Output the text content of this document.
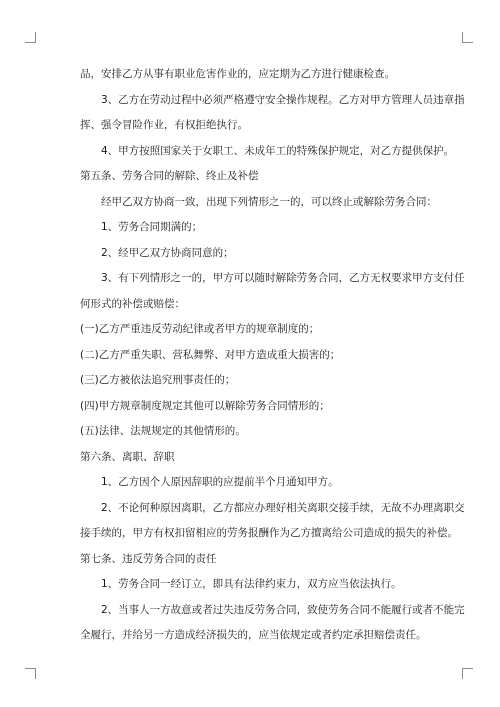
品，安排乙方从事有职业危害作业的，应定期为乙方进行健康检查。

3、乙方在劳动过程中必须严格遵守安全操作规程。乙方对甲方管理人员违章指

挥、强令冒险作业，有权拒绝执行。

4、甲方按照国家关于女职工、未成年工的特殊保护规定，对乙方提供保护。

第五条、劳务合同的解除、终止及补偿

经甲乙双方协商一致，出现下列情形之一的，可以终止或解除劳务合同：

1、劳务合同期满的；

2、经甲乙双方协商同意的；

3、有下列情形之一的，甲方可以随时解除劳务合同，乙方无权要求甲方支付任

何形式的补偿或赔偿：

(一)乙方严重违反劳动纪律或者甲方的规章制度的；

(二)乙方严重失职、营私舞弊、对甲方造成重大损害的；

(三)乙方被依法追究刑事责任的；

(四)甲方规章制度规定其他可以解除劳务合同情形的；

(五)法律、法规规定的其他情形的。

第六条、离职、辞职

1、乙方因个人原因辞职的应提前半个月通知甲方。

2、不论何种原因离职，乙方都应办理好相关离职交接手续，无故不办理离职交

接手续的，甲方有权扣留相应的劳务报酬作为乙方擅离给公司造成的损失的补偿。

第七条、违反劳务合同的责任

1、劳务合同一经订立，即具有法律约束力，双方应当依法执行。

2、当事人一方故意或者过失违反劳务合同，致使劳务合同不能履行或者不能完

全履行，并给另一方造成经济损失的，应当依规定或者约定承担赔偿责任。
